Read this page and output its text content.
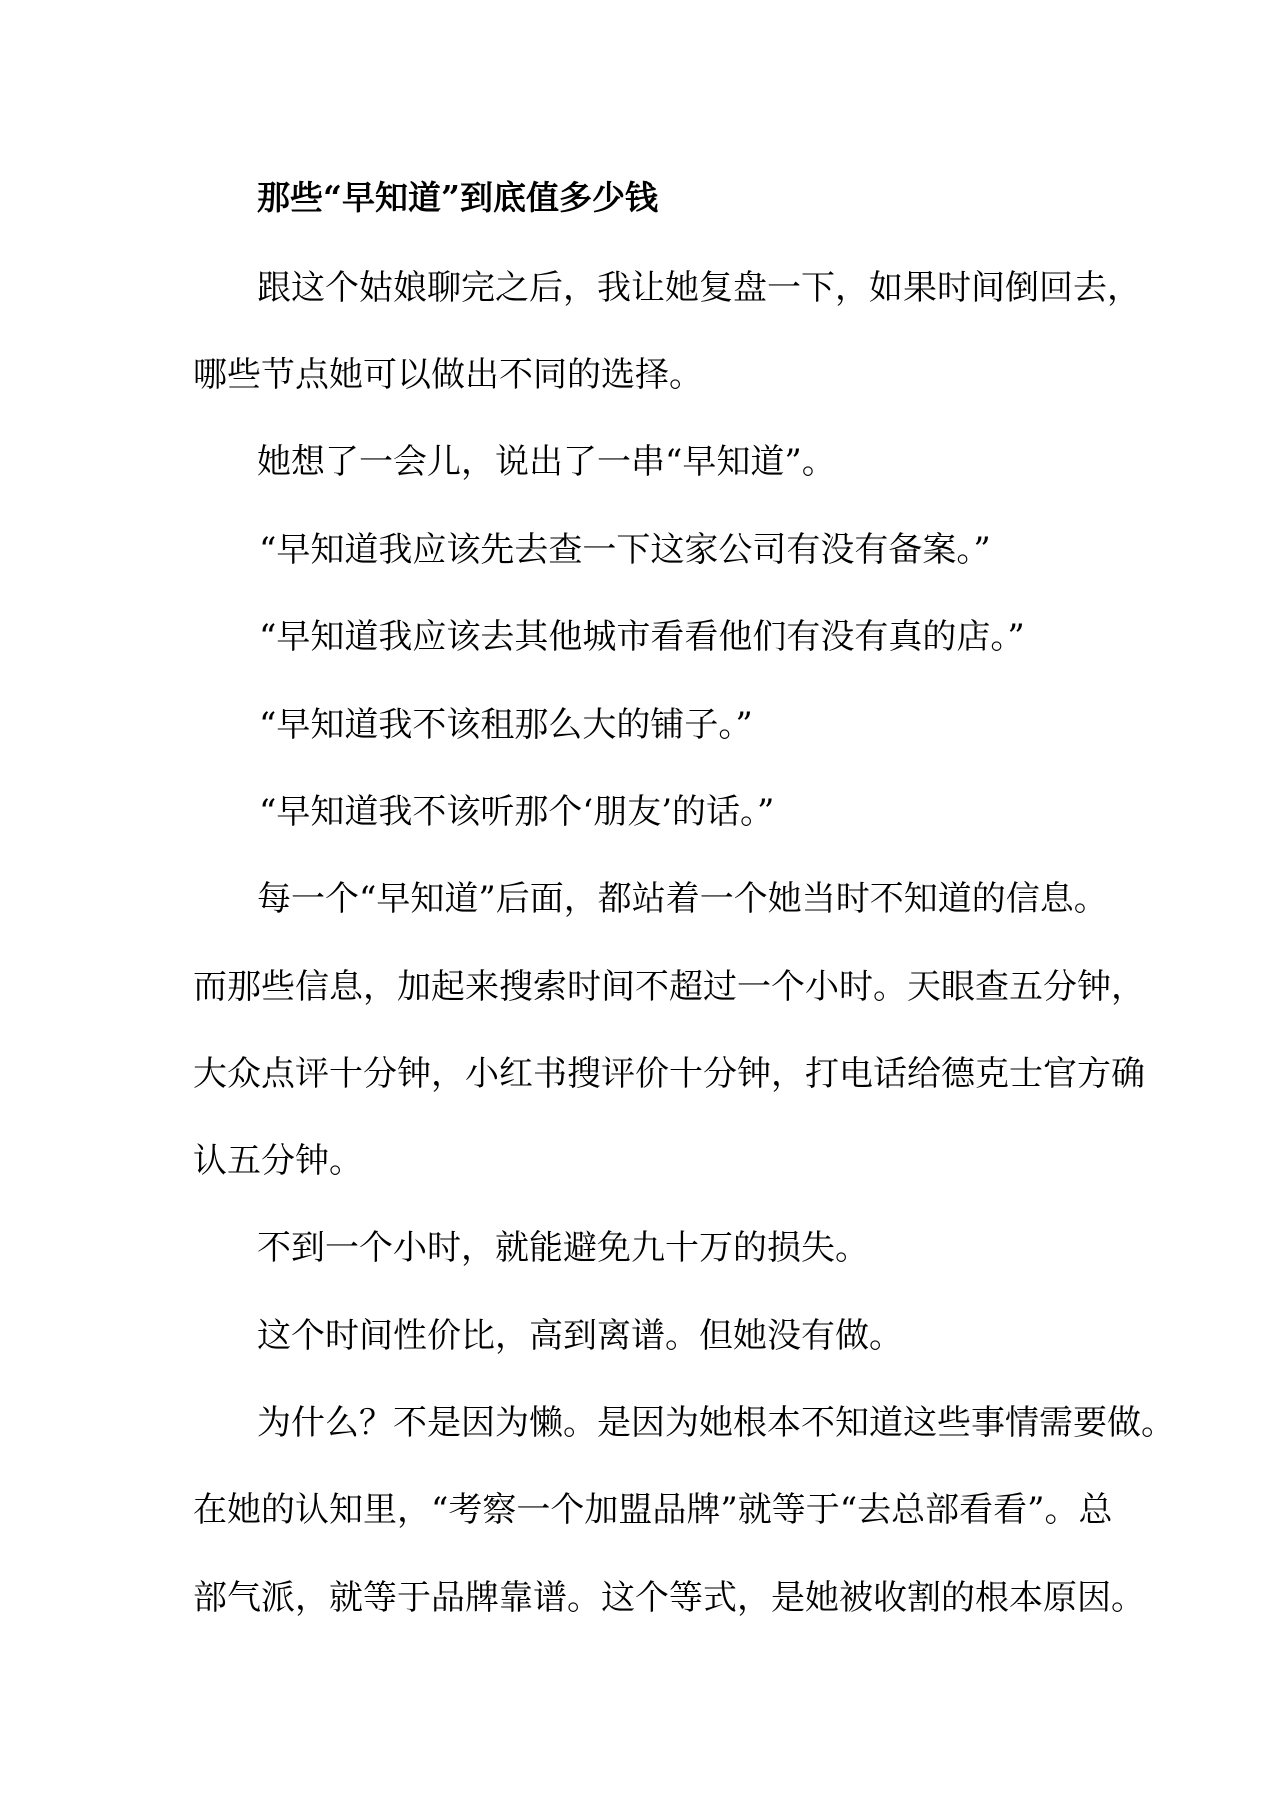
那些“早知道”到底值多少钱
跟这个姑娘聊完之后，我让她复盘一下，如果时间倒回去，
哪些节点她可以做出不同的选择。
她想了一会儿，说出了一串“早知道”。
“早知道我应该先去查一下这家公司有没有备案。”
“早知道我应该去其他城市看看他们有没有真的店。”
“早知道我不该租那么大的铺子。”
“早知道我不该听那个‘朋友’的话。”
每一个“早知道”后面，都站着一个她当时不知道的信息。
而那些信息，加起来搜索时间不超过一个小时。天眼查五分钟，
大众点评十分钟，小红书搜评价十分钟，打电话给德克士官方确
认五分钟。
不到一个小时，就能避免九十万的损失。
这个时间性价比，高到离谱。但她没有做。
为什么？不是因为懒。是因为她根本不知道这些事情需要做。
在她的认知里，“考察一个加盟品牌”就等于“去总部看看”。总
部气派，就等于品牌靠谱。这个等式，是她被收割的根本原因。
